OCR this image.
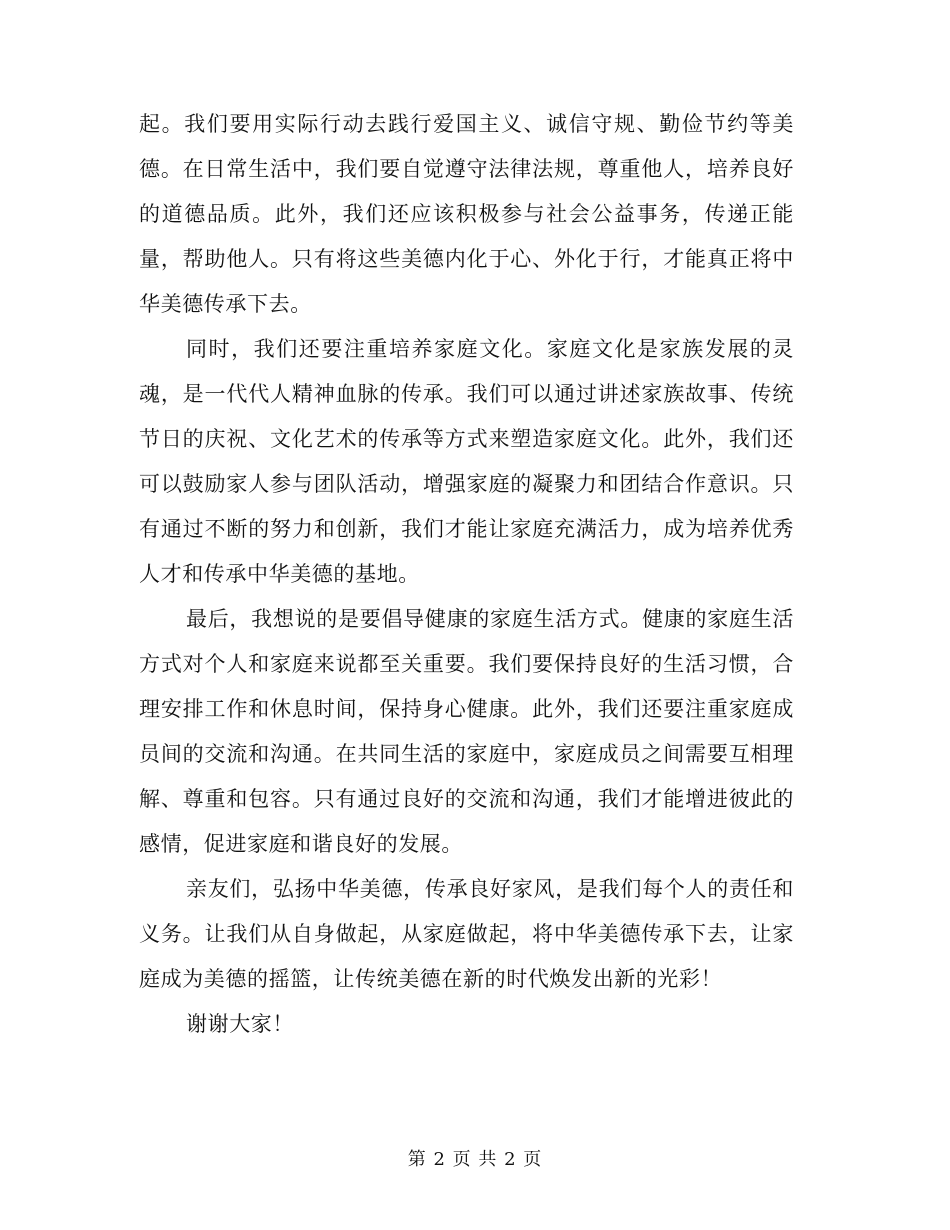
起。我们要用实际行动去践行爱国主义、诚信守规、勤俭节约等美德。在日常生活中，我们要自觉遵守法律法规，尊重他人，培养良好的道德品质。此外，我们还应该积极参与社会公益事务，传递正能量，帮助他人。只有将这些美德内化于心、外化于行，才能真正将中华美德传承下去。

同时，我们还要注重培养家庭文化。家庭文化是家族发展的灵魂，是一代代人精神血脉的传承。我们可以通过讲述家族故事、传统节日的庆祝、文化艺术的传承等方式来塑造家庭文化。此外，我们还可以鼓励家人参与团队活动，增强家庭的凝聚力和团结合作意识。只有通过不断的努力和创新，我们才能让家庭充满活力，成为培养优秀人才和传承中华美德的基地。

最后，我想说的是要倡导健康的家庭生活方式。健康的家庭生活方式对个人和家庭来说都至关重要。我们要保持良好的生活习惯，合理安排工作和休息时间，保持身心健康。此外，我们还要注重家庭成员间的交流和沟通。在共同生活的家庭中，家庭成员之间需要互相理解、尊重和包容。只有通过良好的交流和沟通，我们才能增进彼此的感情，促进家庭和谐良好的发展。

亲友们，弘扬中华美德，传承良好家风，是我们每个人的责任和义务。让我们从自身做起，从家庭做起，将中华美德传承下去，让家庭成为美德的摇篮，让传统美德在新的时代焕发出新的光彩！

谢谢大家！

第 2 页 共 2 页
